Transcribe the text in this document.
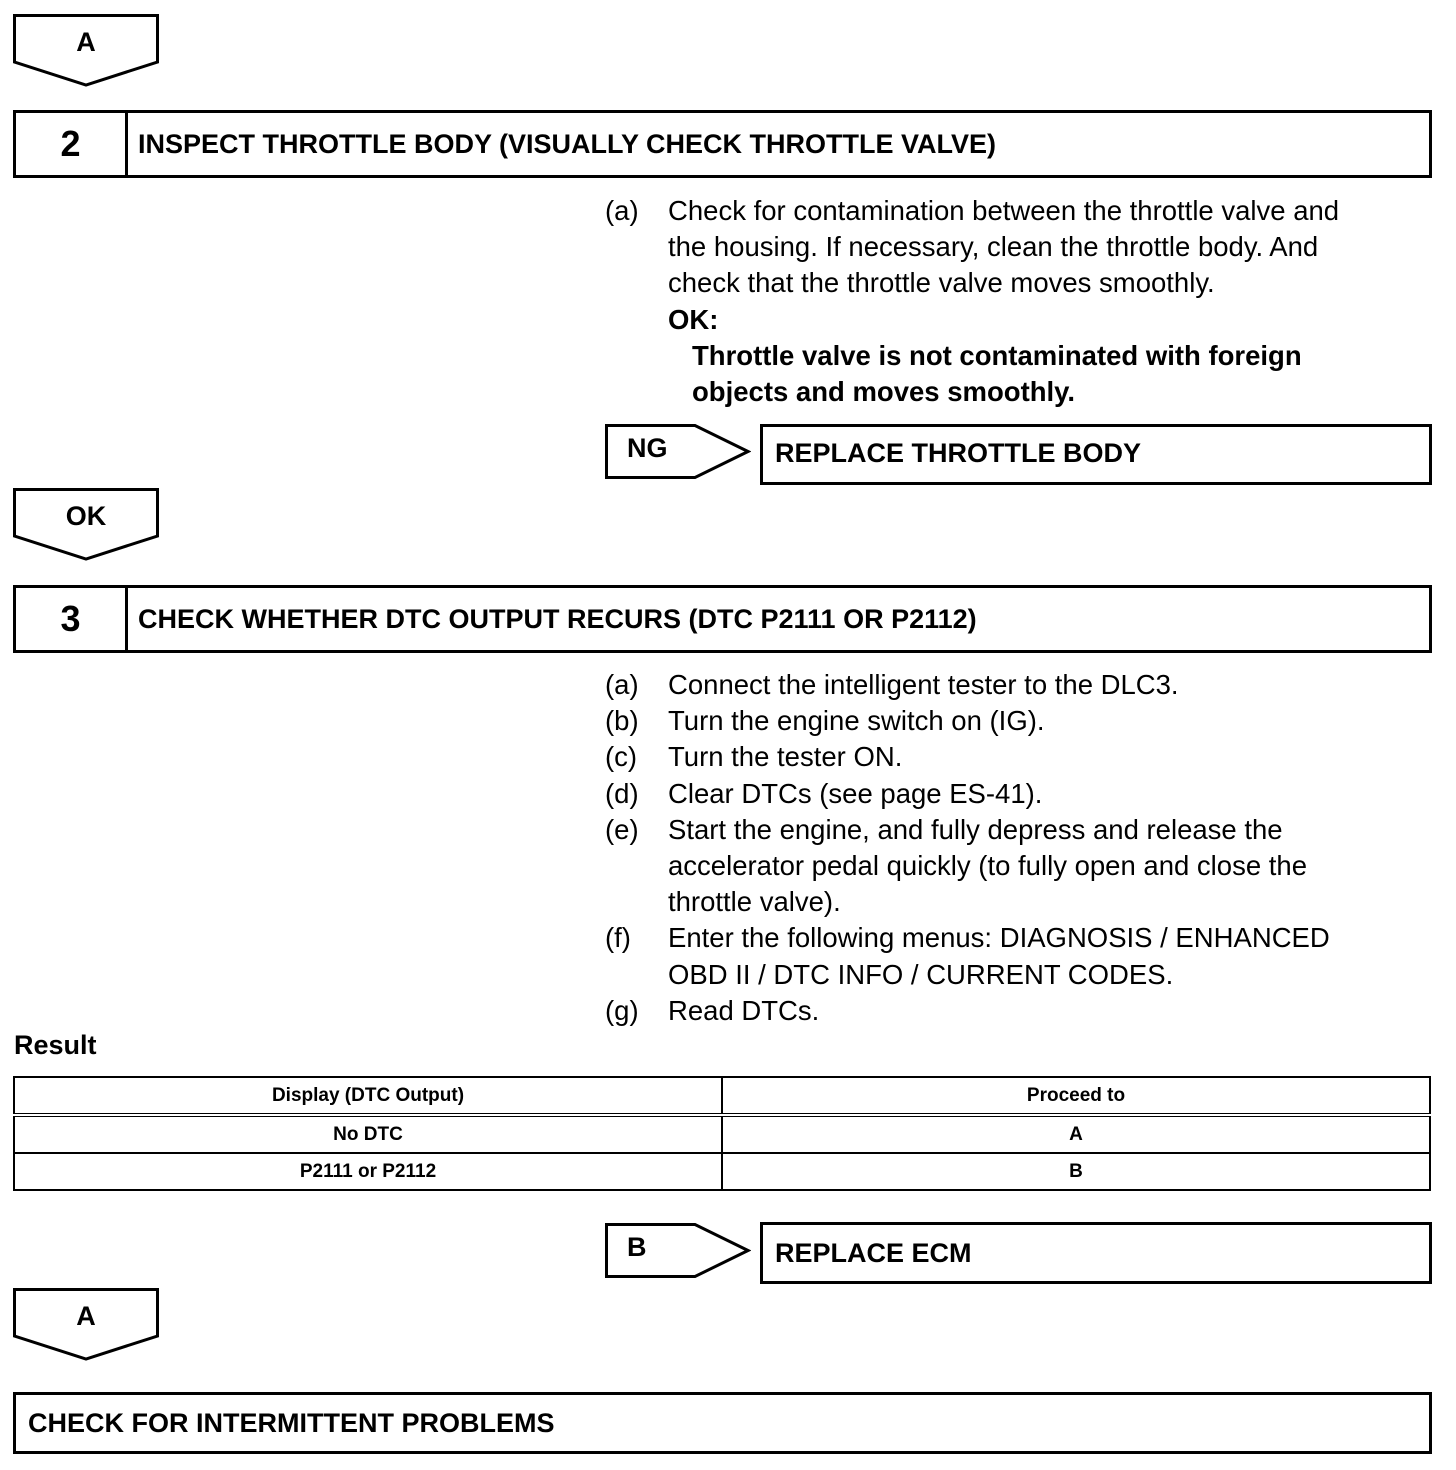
A
2	INSPECT THROTTLE BODY (VISUALLY CHECK THROTTLE VALVE)
(a)	Check for contamination between the throttle valve and
the housing. If necessary, clean the throttle body. And
check that the throttle valve moves smoothly.
OK:
Throttle valve is not contaminated with foreign
objects and moves smoothly.
NG	REPLACE THROTTLE BODY
OK
3	CHECK WHETHER DTC OUTPUT RECURS (DTC P2111 OR P2112)
(a)	Connect the intelligent tester to the DLC3.
(b)	Turn the engine switch on (IG).
(c)	Turn the tester ON.
(d)	Clear DTCs (see page ES-41).
(e)	Start the engine, and fully depress and release the
accelerator pedal quickly (to fully open and close the
throttle valve).
(f)	Enter the following menus: DIAGNOSIS / ENHANCED
OBD II / DTC INFO / CURRENT CODES.
(g)	Read DTCs.
Result
Display (DTC Output)	Proceed to
No DTC	A
P2111 or P2112	B
B	REPLACE ECM
A
CHECK FOR INTERMITTENT PROBLEMS
